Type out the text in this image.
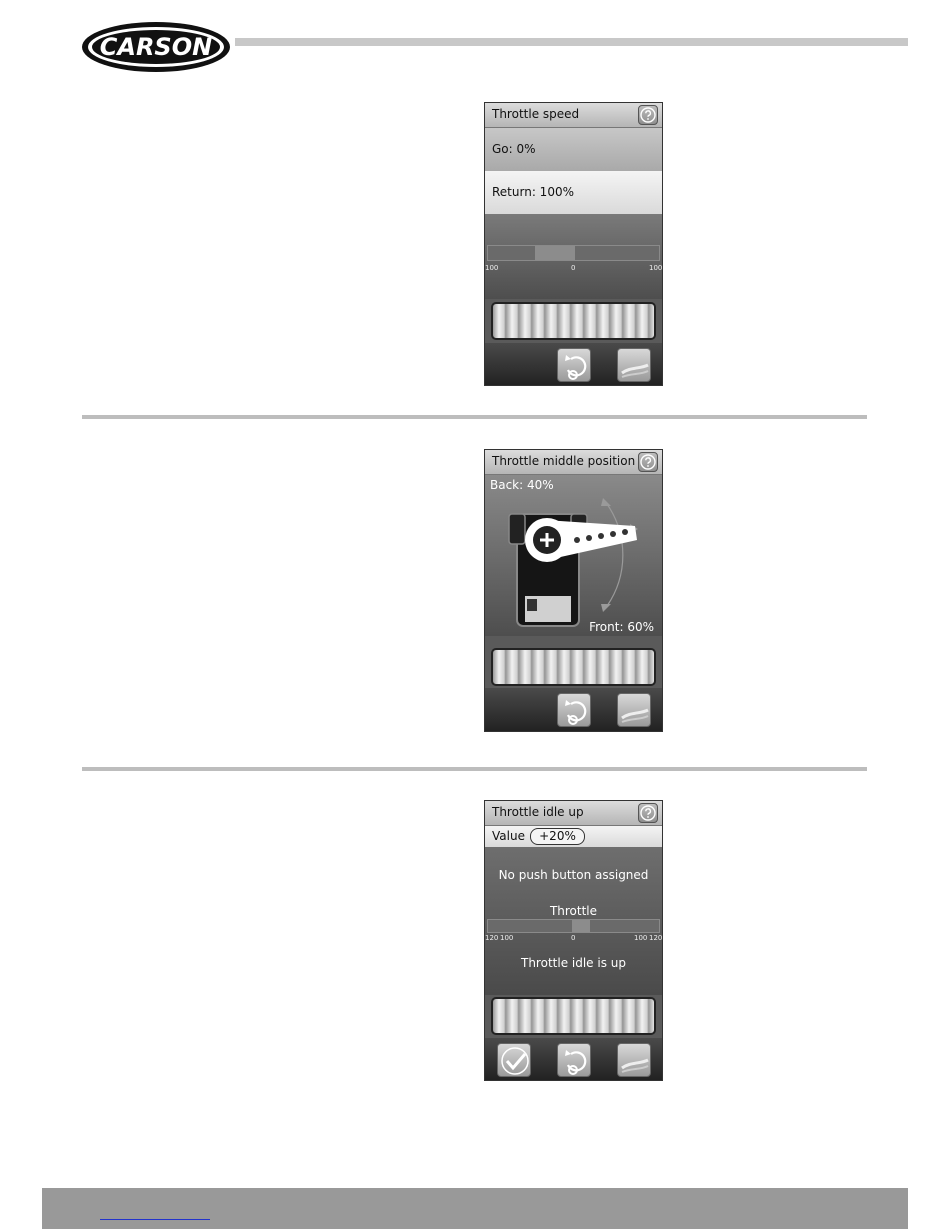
CARSON
Throttle speed
Go: 0%
Return: 100%
100	0	100
Throttle middle position
Back: 40%
Front: 60%
Throttle idle up
Value	+20%
No push button assigned
Throttle
120 100	0	100 120
Throttle idle is up
